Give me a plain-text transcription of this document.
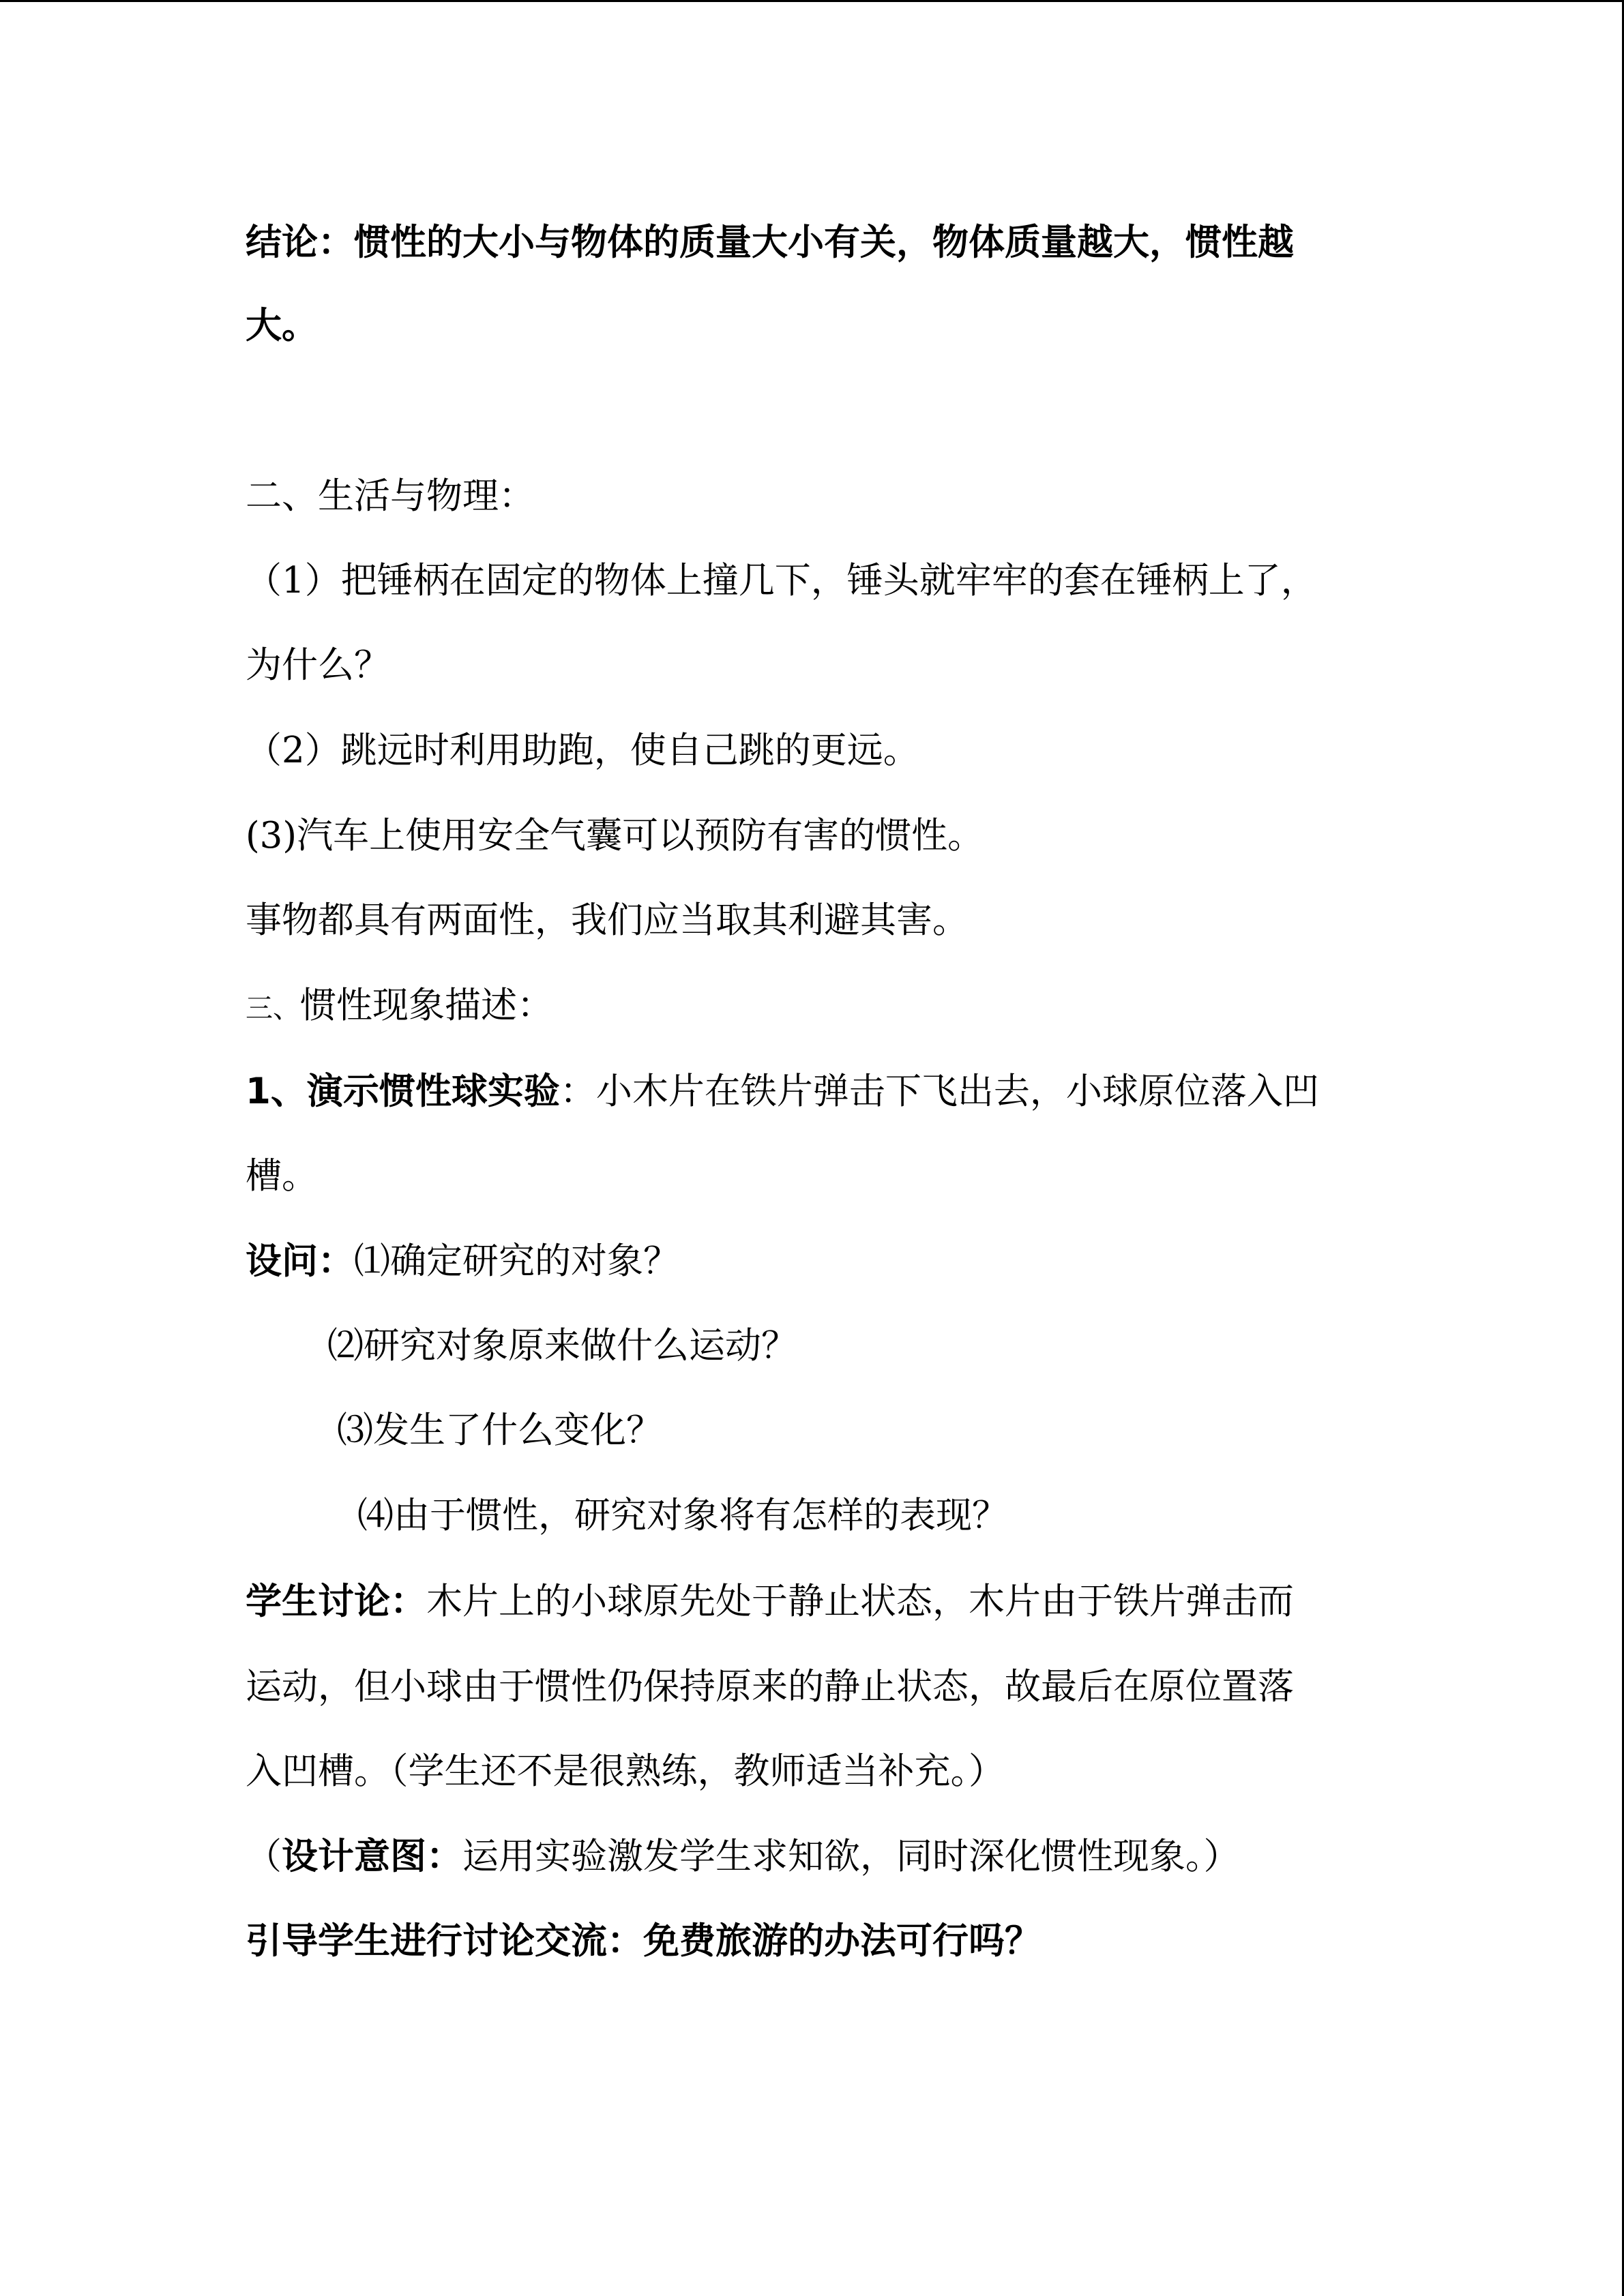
结论：惯性的大小与物体的质量大小有关，物体质量越大，惯性越
大。
二、生活与物理：
（1）把锤柄在固定的物体上撞几下，锤头就牢牢的套在锤柄上了，
为什么？
（2）跳远时利用助跑，使自己跳的更远。
(3)汽车上使用安全气囊可以预防有害的惯性。
事物都具有两面性，我们应当取其利避其害。
三、惯性现象描述：
1、演示惯性球实验：小木片在铁片弹击下飞出去，小球原位落入凹
槽。
设问：⑴确定研究的对象？
⑵研究对象原来做什么运动？
⑶发生了什么变化？
⑷由于惯性，研究对象将有怎样的表现？
学生讨论：木片上的小球原先处于静止状态，木片由于铁片弹击而
运动，但小球由于惯性仍保持原来的静止状态，故最后在原位置落
入凹槽。（学生还不是很熟练，教师适当补充。）
（设计意图：运用实验激发学生求知欲，同时深化惯性现象。）
引导学生进行讨论交流：免费旅游的办法可行吗？
